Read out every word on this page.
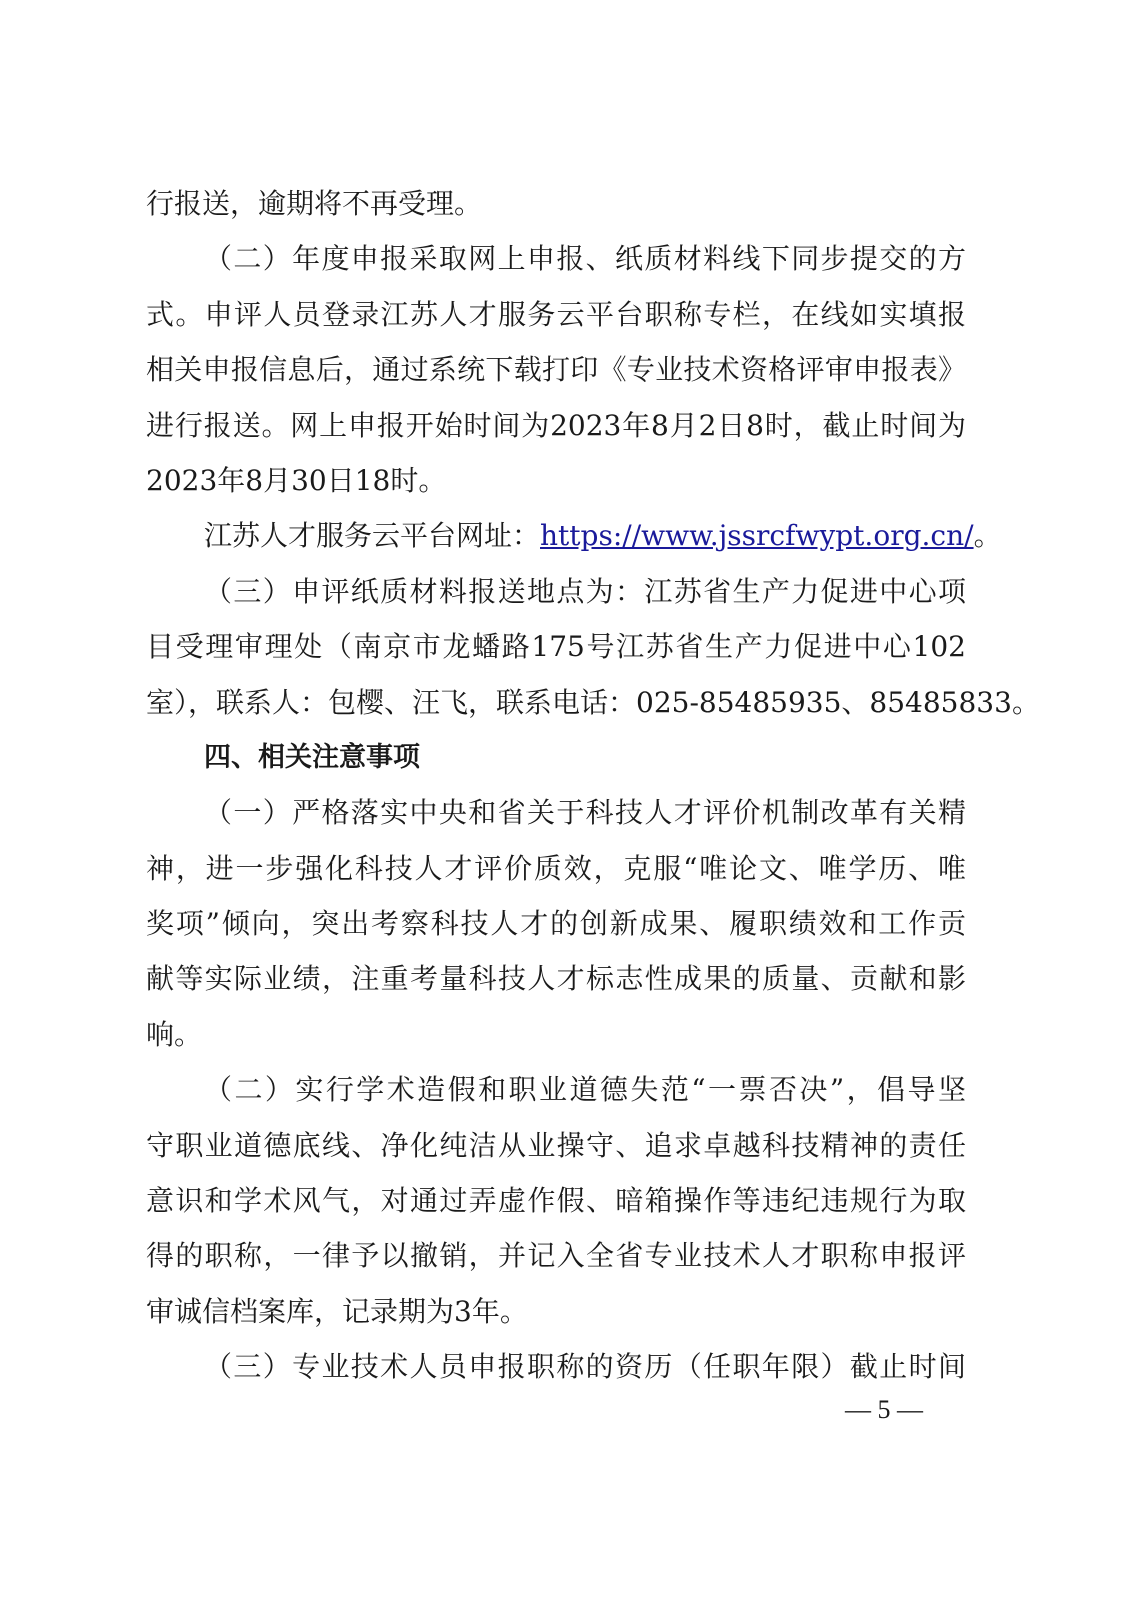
行报送，逾期将不再受理。
（二）年度申报采取网上申报、纸质材料线下同步提交的方
式。申评人员登录江苏人才服务云平台职称专栏，在线如实填报
相关申报信息后，通过系统下载打印《专业技术资格评审申报表》
进行报送。网上申报开始时间为2023年8月2日8时，截止时间为
2023年8月30日18时。
江苏人才服务云平台网址：https://www.jssrcfwypt.org.cn/。
（三）申评纸质材料报送地点为：江苏省生产力促进中心项
目受理审理处（南京市龙蟠路175号江苏省生产力促进中心102
室），联系人：包樱、汪飞，联系电话：025-85485935、85485833。
四、相关注意事项
（一）严格落实中央和省关于科技人才评价机制改革有关精
神，进一步强化科技人才评价质效，克服“唯论文、唯学历、唯
奖项”倾向，突出考察科技人才的创新成果、履职绩效和工作贡
献等实际业绩，注重考量科技人才标志性成果的质量、贡献和影
响。
（二）实行学术造假和职业道德失范“一票否决”，倡导坚
守职业道德底线、净化纯洁从业操守、追求卓越科技精神的责任
意识和学术风气，对通过弄虚作假、暗箱操作等违纪违规行为取
得的职称，一律予以撤销，并记入全省专业技术人才职称申报评
审诚信档案库，记录期为3年。
（三）专业技术人员申报职称的资历（任职年限）截止时间
— 5 —
